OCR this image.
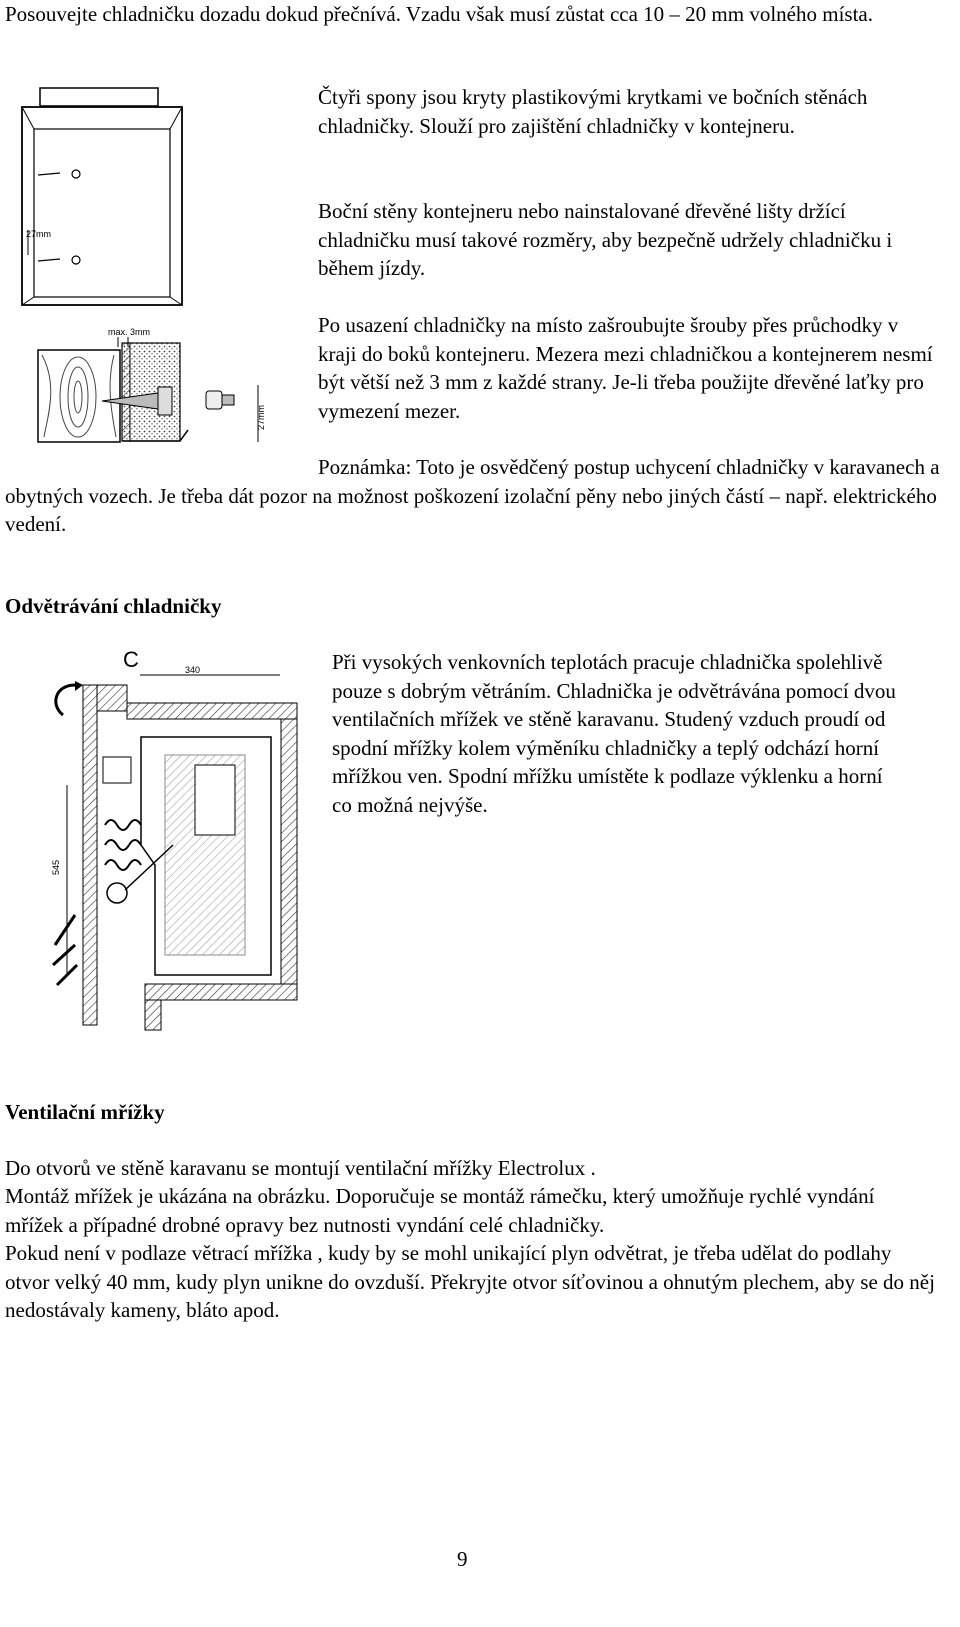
Posouvejte chladničku dozadu dokud přečnívá. Vzadu však musí zůstat cca 10 – 20 mm volného místa.

27mm
max. 3mm
27mm

Čtyři spony jsou kryty plastikovými krytkami ve bočních stěnách chladničky. Slouží pro zajištění chladničky v kontejneru.

Boční stěny kontejneru nebo nainstalované dřevěné lišty držící chladničku musí takové rozměry, aby bezpečně udržely chladničku i během jízdy.

Po usazení chladničky na místo zašroubujte šrouby přes průchodky v kraji do boků kontejneru. Mezera mezi chladničkou a kontejnerem nesmí být větší než 3 mm z každé strany. Je-li třeba použijte dřevěné laťky pro vymezení mezer.

Poznámka: Toto je osvědčený postup uchycení chladničky v karavanech a obytných vozech. Je třeba dát pozor na možnost poškození izolační pěny nebo jiných částí – např. elektrického vedení.

Odvětrávání chladničky

C	340
545

Při vysokých venkovních teplotách pracuje chladnička spolehlivě pouze s dobrým větráním. Chladnička je odvětrávána pomocí dvou ventilačních mřížek ve stěně karavanu. Studený vzduch proudí od spodní mřížky kolem výměníku chladničky a teplý odchází horní mřížkou ven. Spodní mřížku umístěte k podlaze výklenku a horní co možná nejvýše.

Ventilační mřížky

Do otvorů ve stěně karavanu se montují ventilační mřížky Electrolux .

Montáž mřížek je ukázána na obrázku. Doporučuje se montáž rámečku, který umožňuje rychlé vyndání mřížek a případné drobné opravy bez nutnosti vyndání celé chladničky.

Pokud není v podlaze větrací mřížka , kudy by se mohl unikající plyn odvětrat, je třeba udělat do podlahy otvor velký 40 mm, kudy plyn unikne do ovzduší. Překryjte otvor síťovinou a ohnutým plechem, aby se do něj nedostávaly kameny, bláto apod.

9
